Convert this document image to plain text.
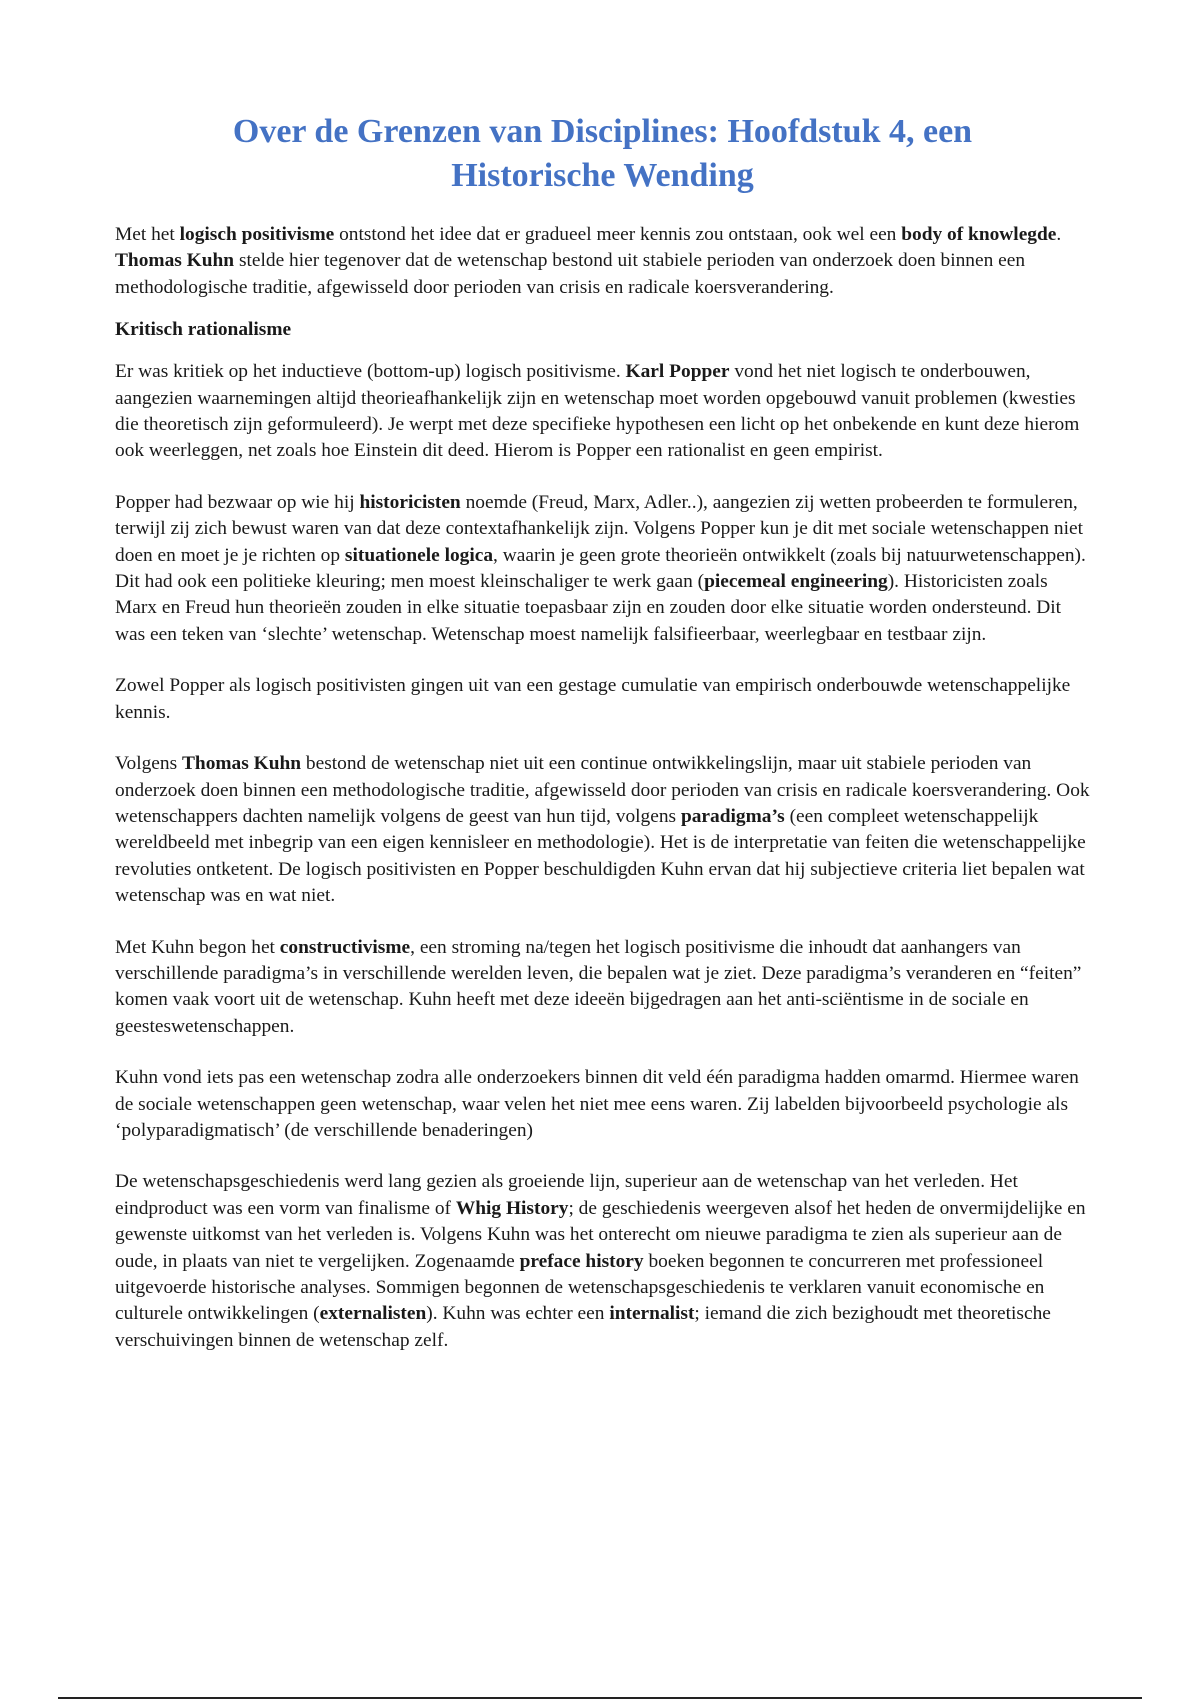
Over de Grenzen van Disciplines: Hoofdstuk 4, een
Historische Wending

Met het logisch positivisme ontstond het idee dat er gradueel meer kennis zou ontstaan, ook wel een body of knowlegde. Thomas Kuhn stelde hier tegenover dat de wetenschap bestond uit stabiele perioden van onderzoek doen binnen een methodologische traditie, afgewisseld door perioden van crisis en radicale koersverandering.

Kritisch rationalisme

Er was kritiek op het inductieve (bottom-up) logisch positivisme. Karl Popper vond het niet logisch te onderbouwen, aangezien waarnemingen altijd theorieafhankelijk zijn en wetenschap moet worden opgebouwd vanuit problemen (kwesties die theoretisch zijn geformuleerd). Je werpt met deze specifieke hypothesen een licht op het onbekende en kunt deze hierom ook weerleggen, net zoals hoe Einstein dit deed. Hierom is Popper een rationalist en geen empirist.

Popper had bezwaar op wie hij historicisten noemde (Freud, Marx, Adler..), aangezien zij wetten probeerden te formuleren, terwijl zij zich bewust waren van dat deze contextafhankelijk zijn. Volgens Popper kun je dit met sociale wetenschappen niet doen en moet je je richten op situationele logica, waarin je geen grote theorieën ontwikkelt (zoals bij natuurwetenschappen). Dit had ook een politieke kleuring; men moest kleinschaliger te werk gaan (piecemeal engineering). Historicisten zoals Marx en Freud hun theorieën zouden in elke situatie toepasbaar zijn en zouden door elke situatie worden ondersteund. Dit was een teken van ‘slechte’ wetenschap. Wetenschap moest namelijk falsifieerbaar, weerlegbaar en testbaar zijn.

Zowel Popper als logisch positivisten gingen uit van een gestage cumulatie van empirisch onderbouwde wetenschappelijke kennis.

Volgens Thomas Kuhn bestond de wetenschap niet uit een continue ontwikkelingslijn, maar uit stabiele perioden van onderzoek doen binnen een methodologische traditie, afgewisseld door perioden van crisis en radicale koersverandering. Ook wetenschappers dachten namelijk volgens de geest van hun tijd, volgens paradigma’s (een compleet wetenschappelijk wereldbeeld met inbegrip van een eigen kennisleer en methodologie). Het is de interpretatie van feiten die wetenschappelijke revoluties ontketent. De logisch positivisten en Popper beschuldigden Kuhn ervan dat hij subjectieve criteria liet bepalen wat wetenschap was en wat niet.

Met Kuhn begon het constructivisme, een stroming na/tegen het logisch positivisme die inhoudt dat aanhangers van verschillende paradigma’s in verschillende werelden leven, die bepalen wat je ziet. Deze paradigma’s veranderen en “feiten” komen vaak voort uit de wetenschap. Kuhn heeft met deze ideeën bijgedragen aan het anti-sciëntisme in de sociale en geesteswetenschappen.

Kuhn vond iets pas een wetenschap zodra alle onderzoekers binnen dit veld één paradigma hadden omarmd. Hiermee waren de sociale wetenschappen geen wetenschap, waar velen het niet mee eens waren. Zij labelden bijvoorbeeld psychologie als ‘polyparadigmatisch’ (de verschillende benaderingen)

De wetenschapsgeschiedenis werd lang gezien als groeiende lijn, superieur aan de wetenschap van het verleden. Het eindproduct was een vorm van finalisme of Whig History; de geschiedenis weergeven alsof het heden de onvermijdelijke en gewenste uitkomst van het verleden is. Volgens Kuhn was het onterecht om nieuwe paradigma te zien als superieur aan de oude, in plaats van niet te vergelijken. Zogenaamde preface history boeken begonnen te concurreren met professioneel uitgevoerde historische analyses. Sommigen begonnen de wetenschapsgeschiedenis te verklaren vanuit economische en culturele ontwikkelingen (externalisten). Kuhn was echter een internalist; iemand die zich bezighoudt met theoretische verschuivingen binnen de wetenschap zelf.
